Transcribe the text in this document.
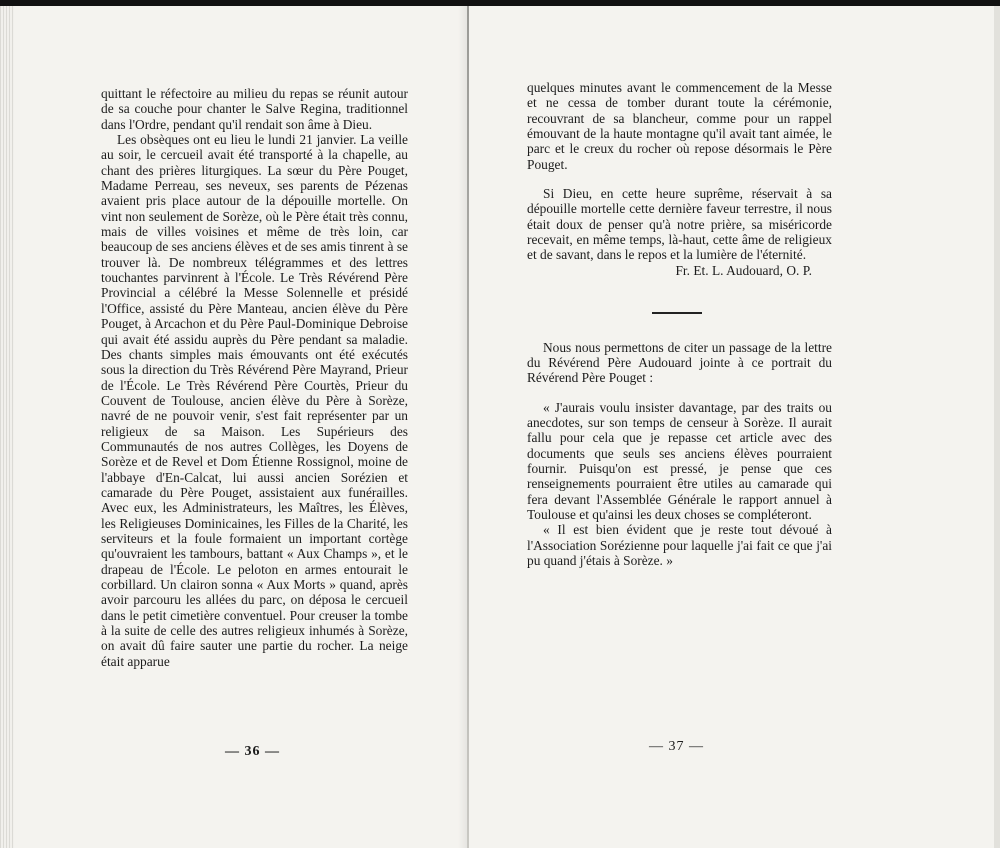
quittant le réfectoire au milieu du repas se réunit autour de sa couche pour chanter le Salve Regina, traditionnel dans l'Ordre, pendant qu'il rendait son âme à Dieu.

Les obsèques ont eu lieu le lundi 21 janvier. La veille au soir, le cercueil avait été transporté à la chapelle, au chant des prières liturgiques. La sœur du Père Pouget, Madame Perreau, ses neveux, ses parents de Pézenas avaient pris place autour de la dépouille mortelle. On vint non seulement de Sorèze, où le Père était très connu, mais de villes voisines et même de très loin, car beaucoup de ses anciens élèves et de ses amis tinrent à se trouver là. De nombreux télégrammes et des lettres touchantes parvinrent à l'École. Le Très Révérend Père Provincial a célébré la Messe Solennelle et présidé l'Office, assisté du Père Manteau, ancien élève du Père Pouget, à Arcachon et du Père Paul-Dominique Debroise qui avait été assidu auprès du Père pendant sa maladie. Des chants simples mais émouvants ont été exécutés sous la direction du Très Révérend Père Mayrand, Prieur de l'École. Le Très Révérend Père Courtès, Prieur du Couvent de Toulouse, ancien élève du Père à Sorèze, navré de ne pouvoir venir, s'est fait représenter par un religieux de sa Maison. Les Supérieurs des Communautés de nos autres Collèges, les Doyens de Sorèze et de Revel et Dom Étienne Rossignol, moine de l'abbaye d'En-Calcat, lui aussi ancien Sorézien et camarade du Père Pouget, assistaient aux funérailles. Avec eux, les Administrateurs, les Maîtres, les Élèves, les Religieuses Dominicaines, les Filles de la Charité, les serviteurs et la foule formaient un important cortège qu'ouvraient les tambours, battant « Aux Champs », et le drapeau de l'École. Le peloton en armes entourait le corbillard. Un clairon sonna « Aux Morts » quand, après avoir parcouru les allées du parc, on déposa le cercueil dans le petit cimetière conventuel. Pour creuser la tombe à la suite de celle des autres religieux inhumés à Sorèze, on avait dû faire sauter une partie du rocher. La neige était apparue

— 36 —

quelques minutes avant le commencement de la Messe et ne cessa de tomber durant toute la cérémonie, recouvrant de sa blancheur, comme pour un rappel émouvant de la haute montagne qu'il avait tant aimée, le parc et le creux du rocher où repose désormais le Père Pouget.

Si Dieu, en cette heure suprême, réservait à sa dépouille mortelle cette dernière faveur terrestre, il nous était doux de penser qu'à notre prière, sa miséricorde recevait, en même temps, là-haut, cette âme de religieux et de savant, dans le repos et la lumière de l'éternité.

Fr. Et. L. Audouard, O. P.

Nous nous permettons de citer un passage de la lettre du Révérend Père Audouard jointe à ce portrait du Révérend Père Pouget :

« J'aurais voulu insister davantage, par des traits ou anecdotes, sur son temps de censeur à Sorèze. Il aurait fallu pour cela que je repasse cet article avec des documents que seuls ses anciens élèves pourraient fournir. Puisqu'on est pressé, je pense que ces renseignements pourraient être utiles au camarade qui fera devant l'Assemblée Générale le rapport annuel à Toulouse et qu'ainsi les deux choses se compléteront.

« Il est bien évident que je reste tout dévoué à l'Association Sorézienne pour laquelle j'ai fait ce que j'ai pu quand j'étais à Sorèze. »

— 37 —
